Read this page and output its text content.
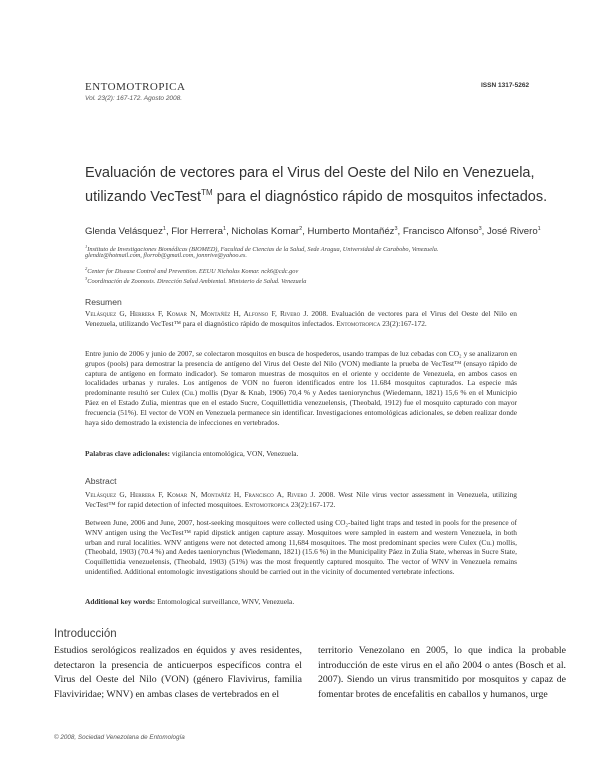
ENTOMOTROPICA
Vol. 23(2): 167-172. Agosto 2008.
ISSN 1317-5262
Evaluación de vectores para el Virus del Oeste del Nilo en Venezuela,
utilizando VecTest™ para el diagnóstico rápido de mosquitos infectados.
Glenda Velásquez$^1$, Flor Herrera$^1$, Nicholas Komar$^2$, Humberto Montañéz$^3$, Francisco Alfonso$^3$, José Rivero$^1$
$^1$Instituto de Investigaciones Biomédicas (BIOMED), Facultad de Ciencias de la Salud, Sede Aragua, Universidad de Carabobo, Venezuela.
glendiz@hotmail.com, florrob@gmail.com, jonnrive@yahoo.es.
$^2$Center for Disease Control and Prevention. EEUU Nicholas Komar. nck6@cdc.gov
$^3$Coordinación de Zoonosis. Dirección Salud Ambiental. Ministerio de Salud. Venezuela
Resumen
Velásquez G, Herrera F, Komar N, Montañéz H, Alfonso F, Rivero J. 2008. Evaluación de vectores para el Virus del Oeste del Nilo en Venezuela, utilizando VecTest™ para el diagnóstico rápido de mosquitos infectados. Entomotropica 23(2):167-172.
Entre junio de 2006 y junio de 2007, se colectaron mosquitos en busca de hospederos, usando trampas de luz cebadas con CO₂ y se analizaron en grupos (pools) para demostrar la presencia de antígeno del Virus del Oeste del Nilo (VON) mediante la prueba de VecTest™ (ensayo rápido de captura de antígeno en formato indicador). Se tomaron muestras de mosquitos en el oriente y occidente de Venezuela, en ambos casos en localidades urbanas y rurales. Los antígenos de VON no fueron identificados entre los 11.684 mosquitos capturados. La especie más predominante resultó ser Culex (Cu.) mollis (Dyar & Knab, 1906) 70,4 % y Aedes taeniorynchus (Wiedemann, 1821) 15,6 % en el Municipio Páez en el Estado Zulia, mientras que en el estado Sucre, Coquillettidia venezuelensis, (Theobald, 1912) fue el mosquito capturado con mayor frecuencia (51%). El vector de VON en Venezuela permanece sin identificar. Investigaciones entomológicas adicionales, se deben realizar donde haya sido demostrado la existencia de infecciones en vertebrados.
Palabras clave adicionales: vigilancia entomológica, VON, Venezuela.
Abstract
Velásquez G, Herrera F, Komar N, Montañéz H, Francisco A, Rivero J. 2008. West Nile virus vector assessment in Venezuela, utilizing VecTest™ for rapid detection of infected mosquitoes. Entomotropica 23(2):167-172.
Between June, 2006 and June, 2007, host-seeking mosquitoes were collected using CO₂-baited light traps and tested in pools for the presence of WNV antigen using the VecTest™ rapid dipstick antigen capture assay. Mosquitoes were sampled in eastern and western Venezuela, in both urban and rural localities. WNV antigens were not detected among 11,684 mosquitoes. The most predominant species were Culex (Cu.) mollis, (Theobald, 1903) (70.4 %) and Aedes taeniorynchus (Wiedemann, 1821) (15.6 %) in the Municipality Páez in Zulia State, whereas in Sucre State, Coquillettidia venezuelensis, (Theobald, 1903) (51%) was the most frequently captured mosquito. The vector of WNV in Venezuela remains unidentified. Additional entomologic investigations should be carried out in the vicinity of documented vertebrate infections.
Additional key words: Entomological surveillance, WNV, Venezuela.
Introducción
Estudios serológicos realizados en équidos y aves residentes, detectaron la presencia de anticuerpos específicos contra el Virus del Oeste del Nilo (VON) (género Flavivirus, familia Flaviviridae; WNV) en ambas clases de vertebrados en el
territorio Venezolano en 2005, lo que indica la probable introducción de este virus en el año 2004 o antes (Bosch et al. 2007). Siendo un virus transmitido por mosquitos y capaz de fomentar brotes de encefalitis en caballos y humanos, urge
© 2008, Sociedad Venezolana de Entomología
